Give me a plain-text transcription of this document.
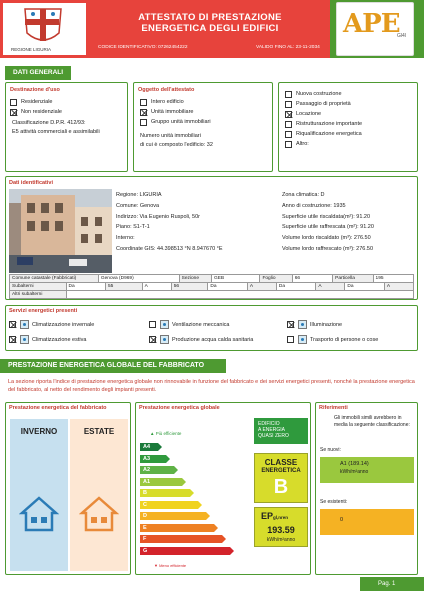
REGIONE LIGURIA
ATTESTATO DI PRESTAZIONE
ENERGETICA DEGLI EDIFICI
CODICE IDENTIFICATIVO: 07262454222	VALIDO FINO AL: 23-11-2034
APE
Gl4l
DATI GENERALI
Destinazione d'uso
Residenziale
Non residenziale
Classificazione D.P.R. 412/93:
E5 attività commerciali e assimilabili
Oggetto dell'attestato
Intero edificio
Unità immobiliare
Gruppo unità immobiliari
Numero unità immobiliari
di cui è composto l'edificio: 32
Nuova costruzione
Passaggio di proprietà
Locazione
Ristrutturazione importante
Riqualificazione energetica
Altro:
Dati identificativi
Regione: LIGURIA
Comune: Genova
Indirizzo: Via Eugenio Ruspoli, 50r
Piano: S1-T-1
Interno:
Coordinate GIS: 44.398513 °N 8.947670 °E
Zona climatica: D
Anno di costruzione: 1935
Superficie utile riscaldata(m²): 91.20
Superficie utile raffrescata (m²): 91.20
Volume lordo riscaldato (m³): 276.50
Volume lordo raffrescato (m³): 276.50
Comune catastale (Fabbricati)	Genova (D969)	Sezione	GEB	Foglio	66	Particella	195
Subalterni	Da	55	A	56	Da	A	Da	A	Da	A
Altri subalterni	
Servizi energetici presenti
Climatizzazione invernale	Ventilazione meccanica	Illuminazione
Climatizzazione estiva	Produzione acqua calda sanitaria	Trasporto di persone o cose
PRESTAZIONE ENERGETICA GLOBALE DEL FABBRICATO
La sezione riporta l'indice di prestazione energetica globale non rinnovabile in funzione del fabbricato e dei servizi energetici presenti, nonché la prestazione energetica del fabbricato, al netto del rendimento degli impianti presenti.
Prestazione energetica del fabbricato
INVERNO	ESTATE
Prestazione energetica globale
▲ Più efficiente
A4
A3
A2
A1
B
C
D
E
F
G
▼ Meno efficiente
EDIFICIO
A ENERGIA
QUASI ZERO
CLASSE
ENERGETICA
B
EPgl,nren
193.59
kWh/m²anno
Riferimenti
Gli immobili simili avrebbero in media la seguente classificazione:
Se nuovi:
A1 (189.14)
kWh/m²anno
Se esistenti:
0
Pag. 1
